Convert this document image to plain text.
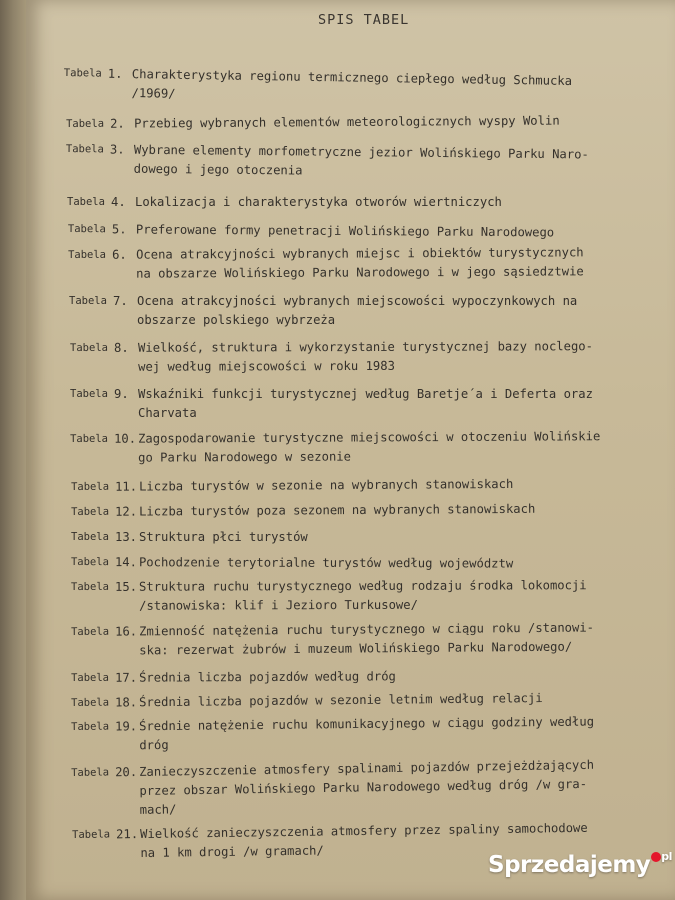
SPIS TABEL
Tabela 1. Charakterystyka regionu termicznego ciepłego według Schmucka
/1969/
Tabela 2. Przebieg wybranych elementów meteorologicznych wyspy Wolin
Tabela 3. Wybrane elementy morfometryczne jezior Wolińskiego Parku Naro-
dowego i jego otoczenia
Tabela 4. Lokalizacja i charakterystyka otworów wiertniczych
Tabela 5. Preferowane formy penetracji Wolińskiego Parku Narodowego
Tabela 6. Ocena atrakcyjności wybranych miejsc i obiektów turystycznych
na obszarze Wolińskiego Parku Narodowego i w jego sąsiedztwie
Tabela 7. Ocena atrakcyjności wybranych miejscowości wypoczynkowych na
obszarze polskiego wybrzeża
Tabela 8. Wielkość, struktura i wykorzystanie turystycznej bazy noclego-
wej według miejscowości w roku 1983
Tabela 9. Wskaźniki funkcji turystycznej według Baretje´a i Deferta oraz
Charvata
Tabela 10. Zagospodarowanie turystyczne miejscowości w otoczeniu Wolińskie
go Parku Narodowego w sezonie
Tabela 11. Liczba turystów w sezonie na wybranych stanowiskach
Tabela 12. Liczba turystów poza sezonem na wybranych stanowiskach
Tabela 13. Struktura płci turystów
Tabela 14. Pochodzenie terytorialne turystów według województw
Tabela 15. Struktura ruchu turystycznego według rodzaju środka lokomocji
/stanowiska: klif i Jezioro Turkusowe/
Tabela 16. Zmienność natężenia ruchu turystycznego w ciągu roku /stanowi-
ska: rezerwat żubrów i muzeum Wolińskiego Parku Narodowego/
Tabela 17. Średnia liczba pojazdów według dróg
Tabela 18. Średnia liczba pojazdów w sezonie letnim według relacji
Tabela 19. Średnie natężenie ruchu komunikacyjnego w ciągu godziny według
dróg
Tabela 20. Zanieczyszczenie atmosfery spalinami pojazdów przejeżdżających
przez obszar Wolińskiego Parku Narodowego według dróg /w gra-
mach/
Tabela 21. Wielkość zanieczyszczenia atmosfery przez spaliny samochodowe
na 1 km drogi /w gramach/
Sprzedajemy $^{pl}$
